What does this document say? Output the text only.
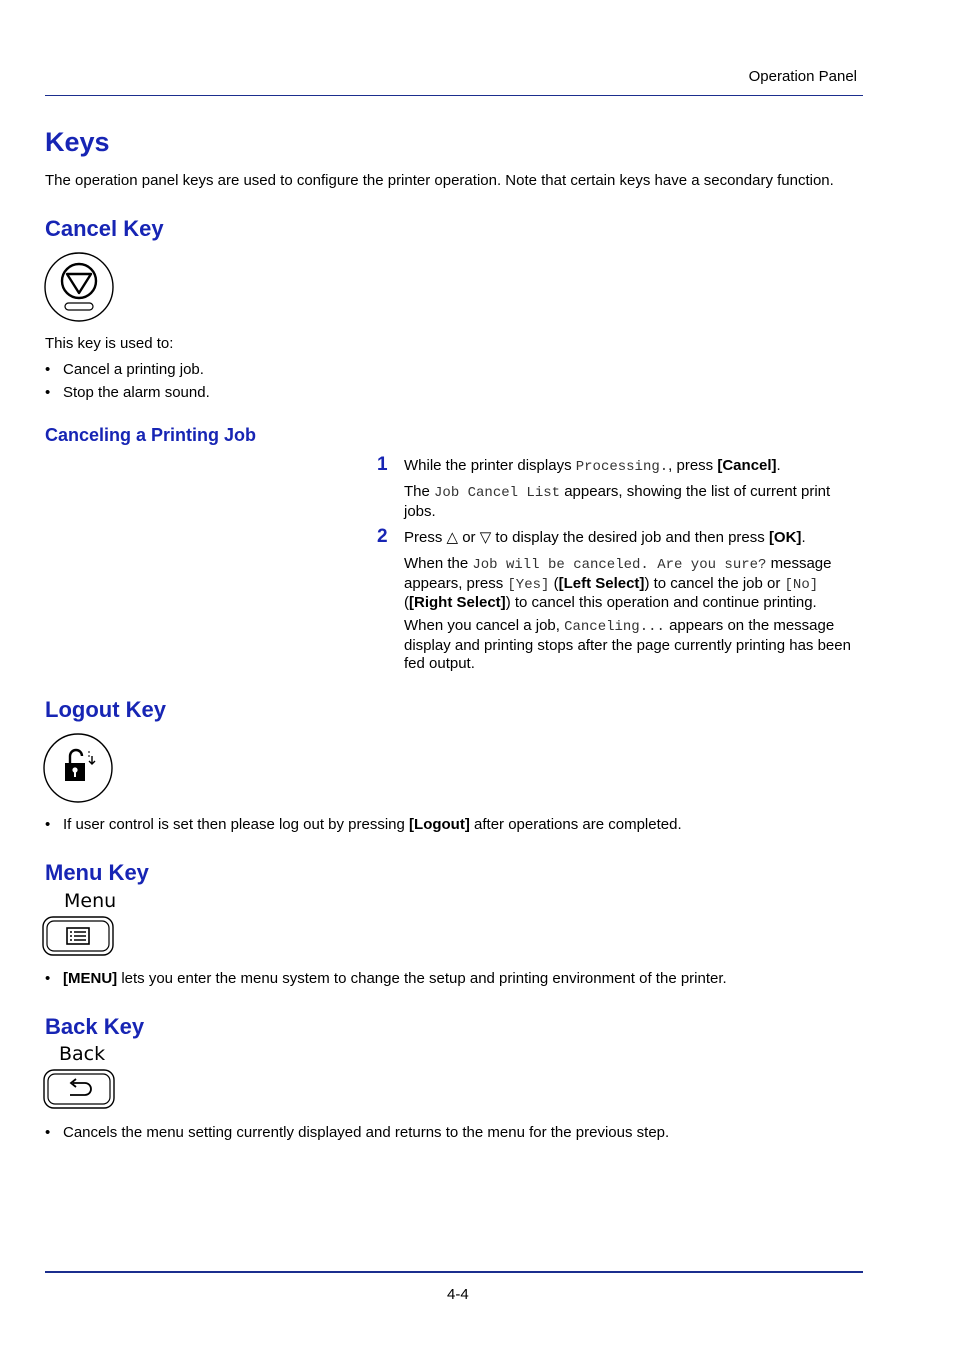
Operation Panel
Keys
The operation panel keys are used to configure the printer operation. Note that certain keys have a secondary function.
Cancel Key
This key is used to:
• Cancel a printing job.
• Stop the alarm sound.
Canceling a Printing Job
1 While the printer displays Processing., press [Cancel].
The Job Cancel List appears, showing the list of current print jobs.
2 Press △ or ▽ to display the desired job and then press [OK].
When the Job will be canceled. Are you sure? message appears, press [Yes] ([Left Select]) to cancel the job or [No] ([Right Select]) to cancel this operation and continue printing.
When you cancel a job, Canceling... appears on the message display and printing stops after the page currently printing has been fed output.
Logout Key
• If user control is set then please log out by pressing [Logout] after operations are completed.
Menu Key
Menu
• [MENU] lets you enter the menu system to change the setup and printing environment of the printer.
Back Key
Back
• Cancels the menu setting currently displayed and returns to the menu for the previous step.
4-4
